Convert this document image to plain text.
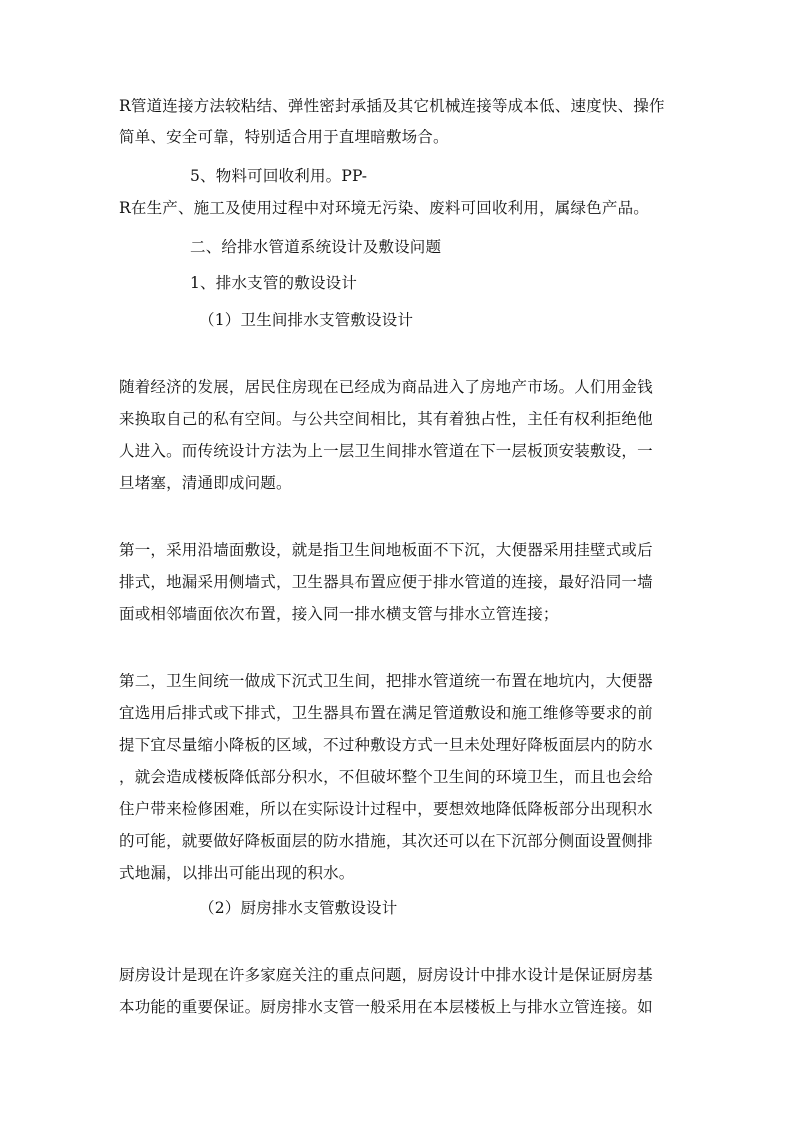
R管道连接方法较粘结、弹性密封承插及其它机械连接等成本低、速度快、操作
简单、安全可靠，特别适合用于直埋暗敷场合。
5、物料可回收利用。PP-
R在生产、施工及使用过程中对环境无污染、废料可回收利用，属绿色产品。
二、给排水管道系统设计及敷设问题
1、排水支管的敷设设计
（1）卫生间排水支管敷设设计
随着经济的发展，居民住房现在已经成为商品进入了房地产市场。人们用金钱
来换取自己的私有空间。与公共空间相比，其有着独占性，主任有权利拒绝他
人进入。而传统设计方法为上一层卫生间排水管道在下一层板顶安装敷设，一
旦堵塞，清通即成问题。
第一，采用沿墙面敷设，就是指卫生间地板面不下沉，大便器采用挂壁式或后
排式，地漏采用侧墙式，卫生器具布置应便于排水管道的连接，最好沿同一墙
面或相邻墙面依次布置，接入同一排水横支管与排水立管连接；
第二，卫生间统一做成下沉式卫生间，把排水管道统一布置在地坑内，大便器
宜选用后排式或下排式，卫生器具布置在满足管道敷设和施工维修等要求的前
提下宜尽量缩小降板的区域，不过种敷设方式一旦未处理好降板面层内的防水
，就会造成楼板降低部分积水，不但破坏整个卫生间的环境卫生，而且也会给
住户带来检修困难，所以在实际设计过程中，要想效地降低降板部分出现积水
的可能，就要做好降板面层的防水措施，其次还可以在下沉部分侧面设置侧排
式地漏，以排出可能出现的积水。
（2）厨房排水支管敷设设计
厨房设计是现在许多家庭关注的重点问题，厨房设计中排水设计是保证厨房基
本功能的重要保证。厨房排水支管一般采用在本层楼板上与排水立管连接。如
